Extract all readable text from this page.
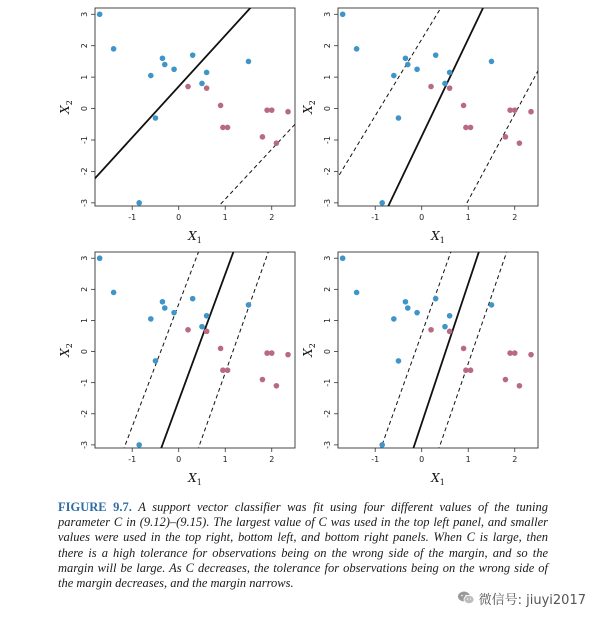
-1	0	1	2
-3
-2
-1
0
1
2
3
$X_1$
$X_2$
-1	0	1	2
-3
-2
-1
0
1
2
3
$X_1$
$X_2$
-1	0	1	2
-3
-2
-1
0
1
2
3
$X_1$
$X_2$
-1	0	1	2
-3
-2
-1
0
1
2
3
$X_1$
$X_2$
FIGURE 9.7. A support vector classifier was fit using four different values of the tuning parameter C in (9.12)–(9.15). The largest value of C was used in the top left panel, and smaller values were used in the top right, bottom left, and bottom right panels. When C is large, then there is a high tolerance for observations being on the wrong side of the margin, and so the margin will be large. As C decreases, the tolerance for observations being on the wrong side of the margin decreases, and the margin narrows.
微信号: jiuyi2017
